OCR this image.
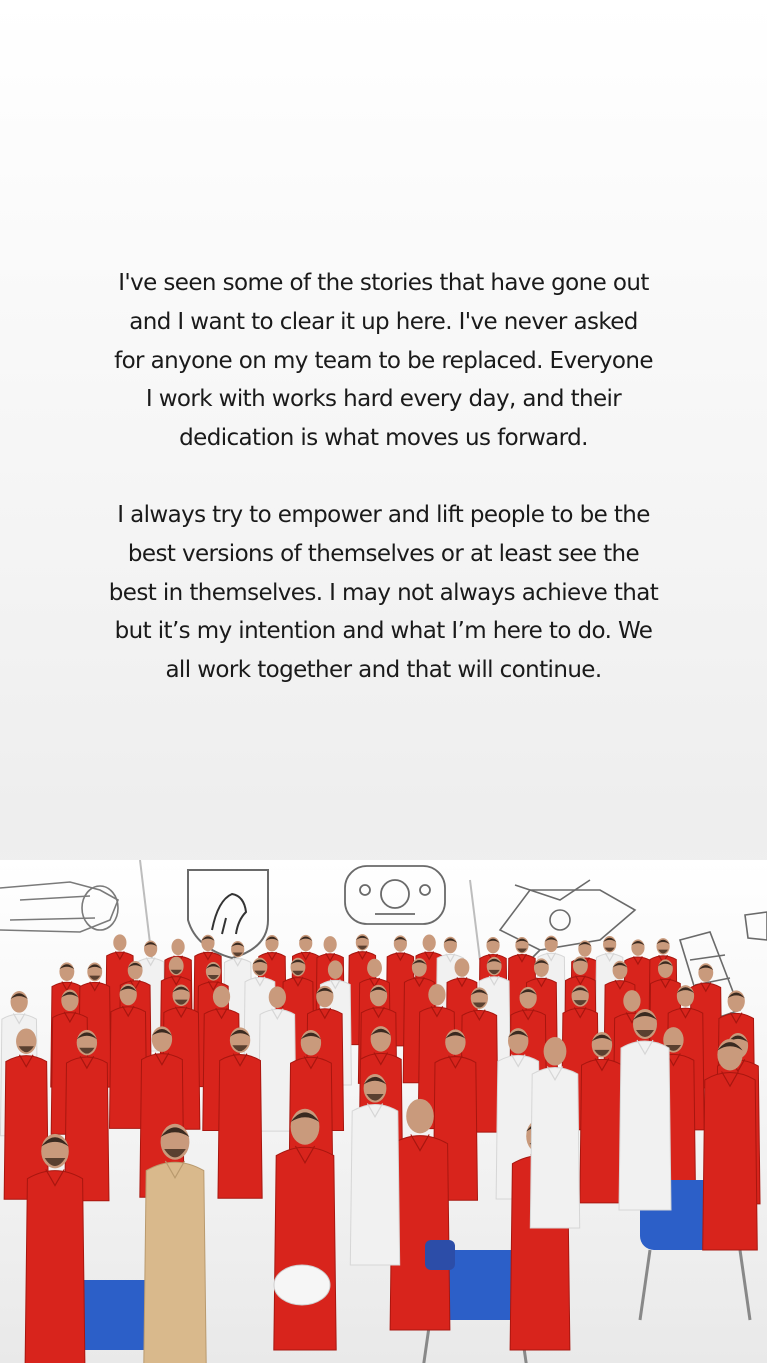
I've seen some of the stories that have gone out
and I want to clear it up here. I've never asked
for anyone on my team to be replaced. Everyone
I work with works hard every day, and their
dedication is what moves us forward.

I always try to empower and lift people to be the
best versions of themselves or at least see the
best in themselves. I may not always achieve that
but it’s my intention and what I’m here to do. We
all work together and that will continue.
